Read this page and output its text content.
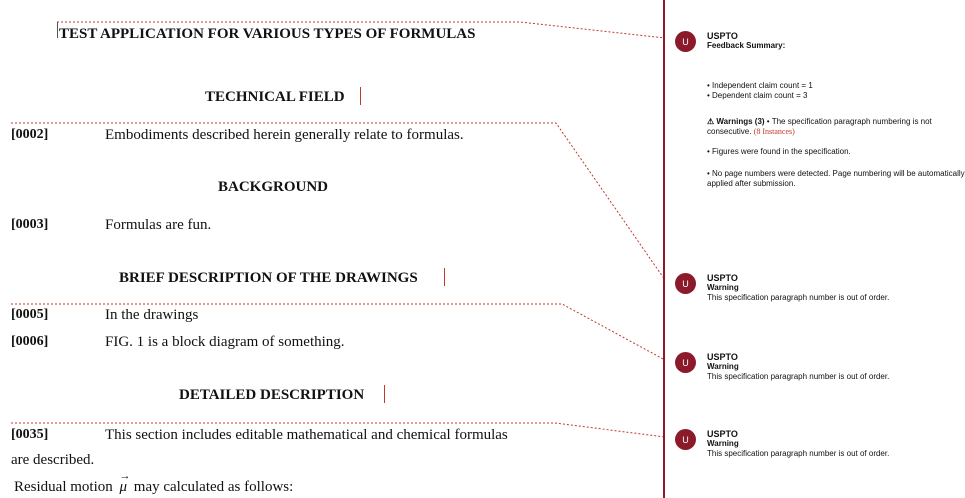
TEST APPLICATION FOR VARIOUS TYPES OF FORMULAS
TECHNICAL FIELD
[0002]	Embodiments described herein generally relate to formulas.
BACKGROUND
[0003]	Formulas are fun.
BRIEF DESCRIPTION OF THE DRAWINGS
[0005]	In the drawings
[0006]	FIG. 1 is a block diagram of something.
DETAILED DESCRIPTION
[0035]	This section includes editable mathematical and chemical formulas
are described.
Residual motion
→
μ may calculated as follows:
U
USPTO
Feedback Summary:
• Independent claim count = 1
• Dependent claim count = 3
⚠ Warnings (3) • The specification paragraph numbering is not consecutive. (8 Instances)
• Figures were found in the specification.
• No page numbers were detected. Page numbering will be automatically applied after submission.
U
USPTO
Warning
This specification paragraph number is out of order.
U
USPTO
Warning
This specification paragraph number is out of order.
U
USPTO
Warning
This specification paragraph number is out of order.
